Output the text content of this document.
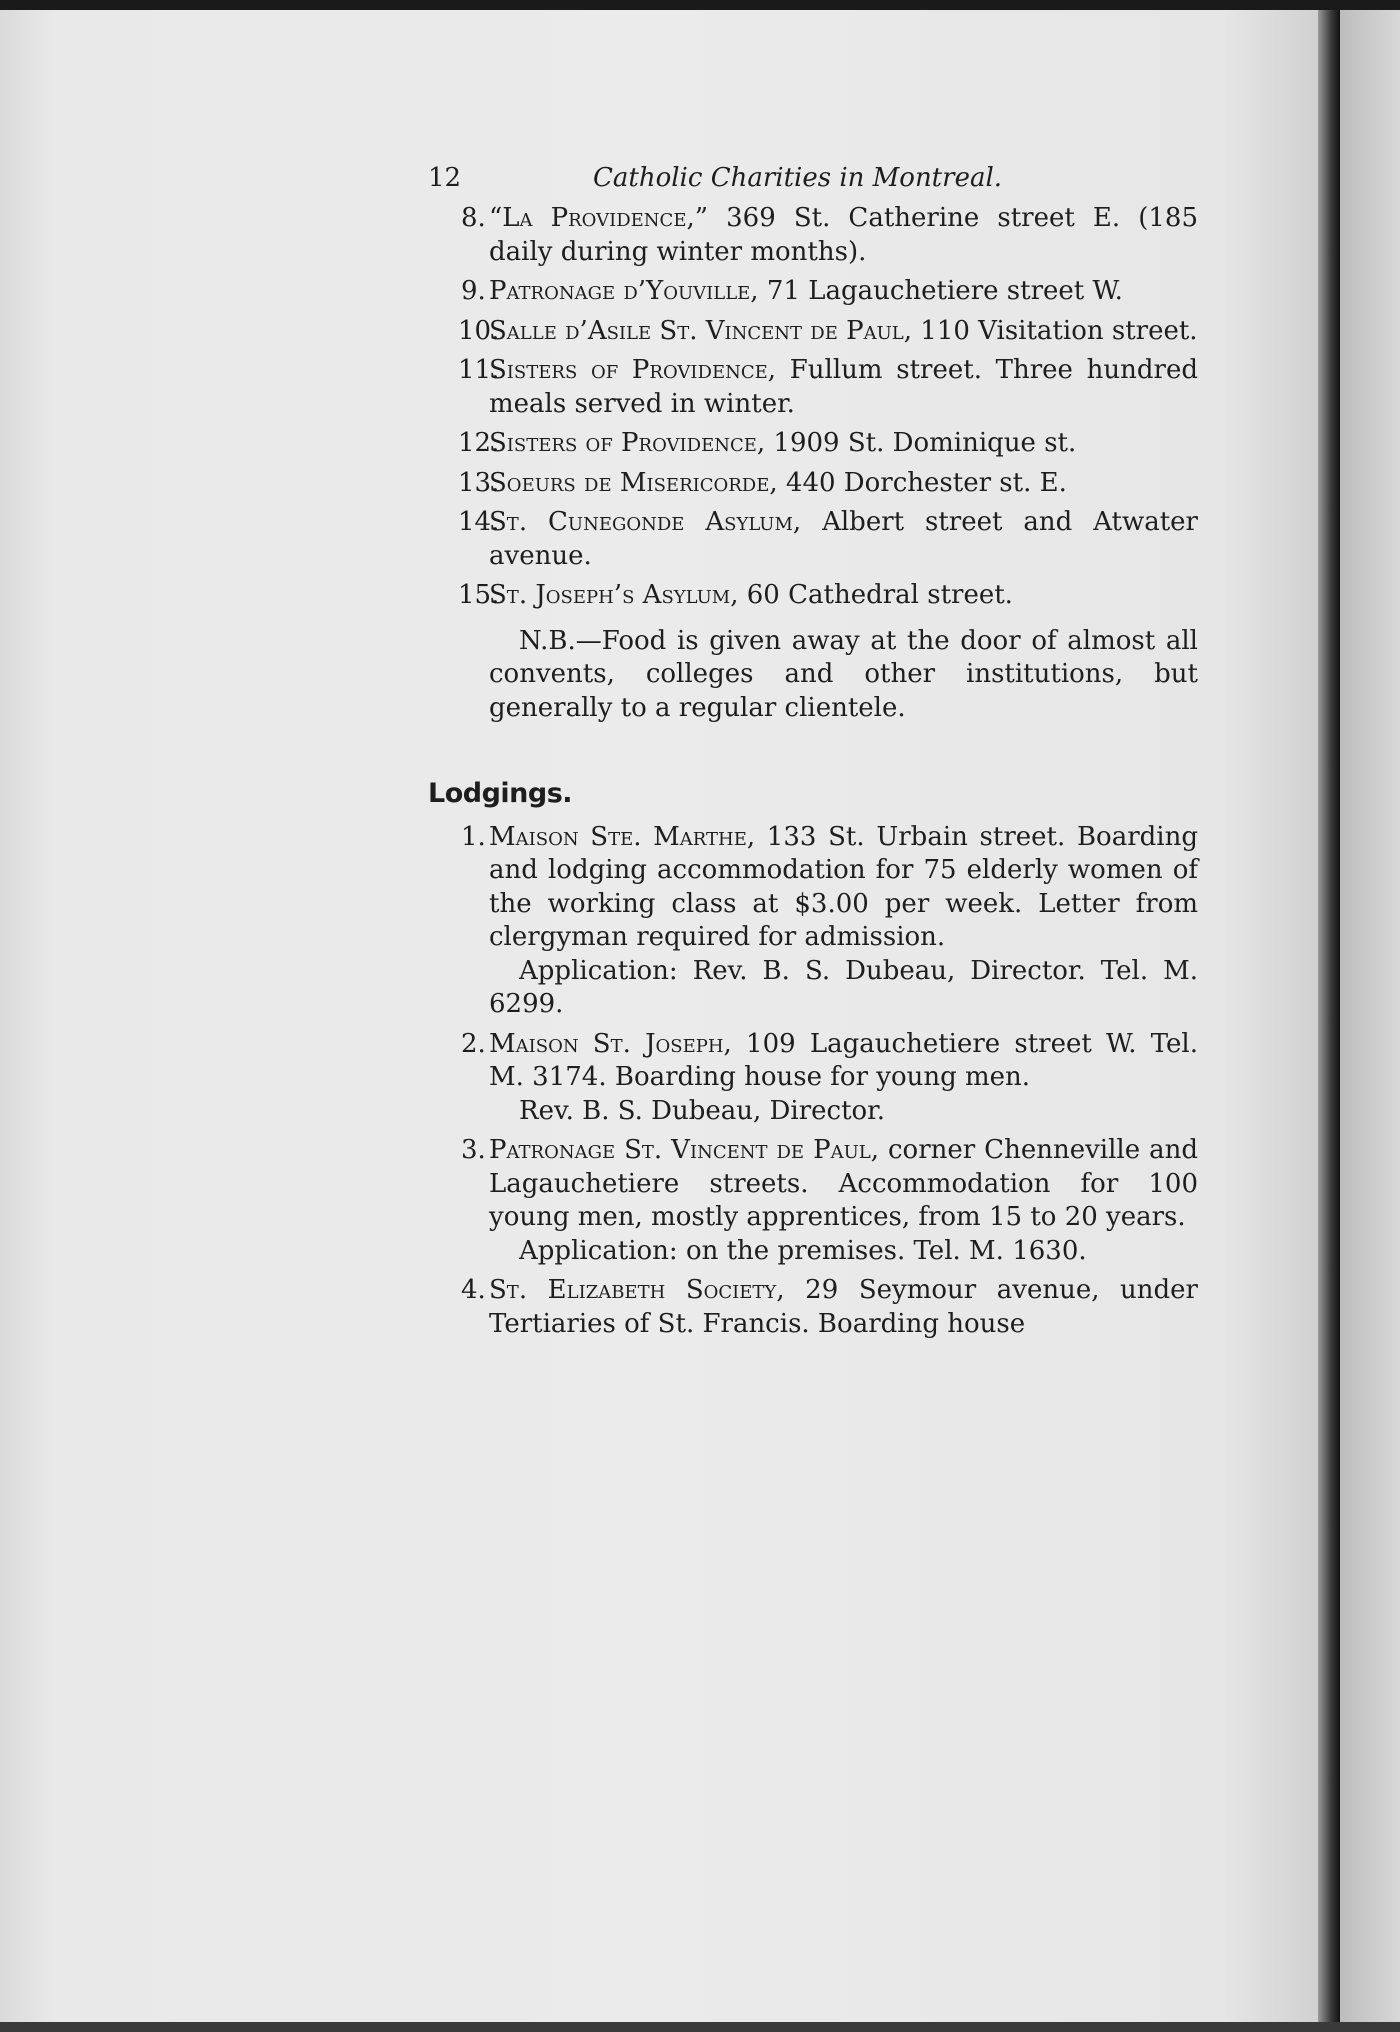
12	Catholic Charities in Montreal.
8. “La Providence,” 369 St. Catherine street E. (185 daily during winter months).
9. Patronage d’Youville, 71 Lagauchetiere street W.
10.
Salle d’Asile St. Vincent de Paul, 110 Visitation street.
11.
Sisters of Providence, Fullum street. Three hundred meals served in winter.
12.
Sisters of Providence, 1909 St. Dominique st.
13.
Soeurs de Misericorde, 440 Dorchester st. E.
14.
St. Cunegonde Asylum, Albert street and Atwater avenue.
15.
St. Joseph’s Asylum, 60 Cathedral street.
N.B.—Food is given away at the door of almost all convents, colleges and other institutions, but generally to a regular clientele.
Lodgings.
1. Maison Ste. Marthe, 133 St. Urbain street. Boarding and lodging accommodation for 75 elderly women of the working class at $3.00 per week. Letter from clergyman required for admission.
Application: Rev. B. S. Dubeau, Director. Tel. M. 6299.
2. Maison St. Joseph, 109 Lagauchetiere street W. Tel. M. 3174. Boarding house for young men.
Rev. B. S. Dubeau, Director.
3. Patronage St. Vincent de Paul, corner Chenneville and Lagauchetiere streets. Accommodation for 100 young men, mostly apprentices, from 15 to 20 years.
Application: on the premises. Tel. M. 1630.
4. St. Elizabeth Society, 29 Seymour avenue, under Tertiaries of St. Francis. Boarding house
